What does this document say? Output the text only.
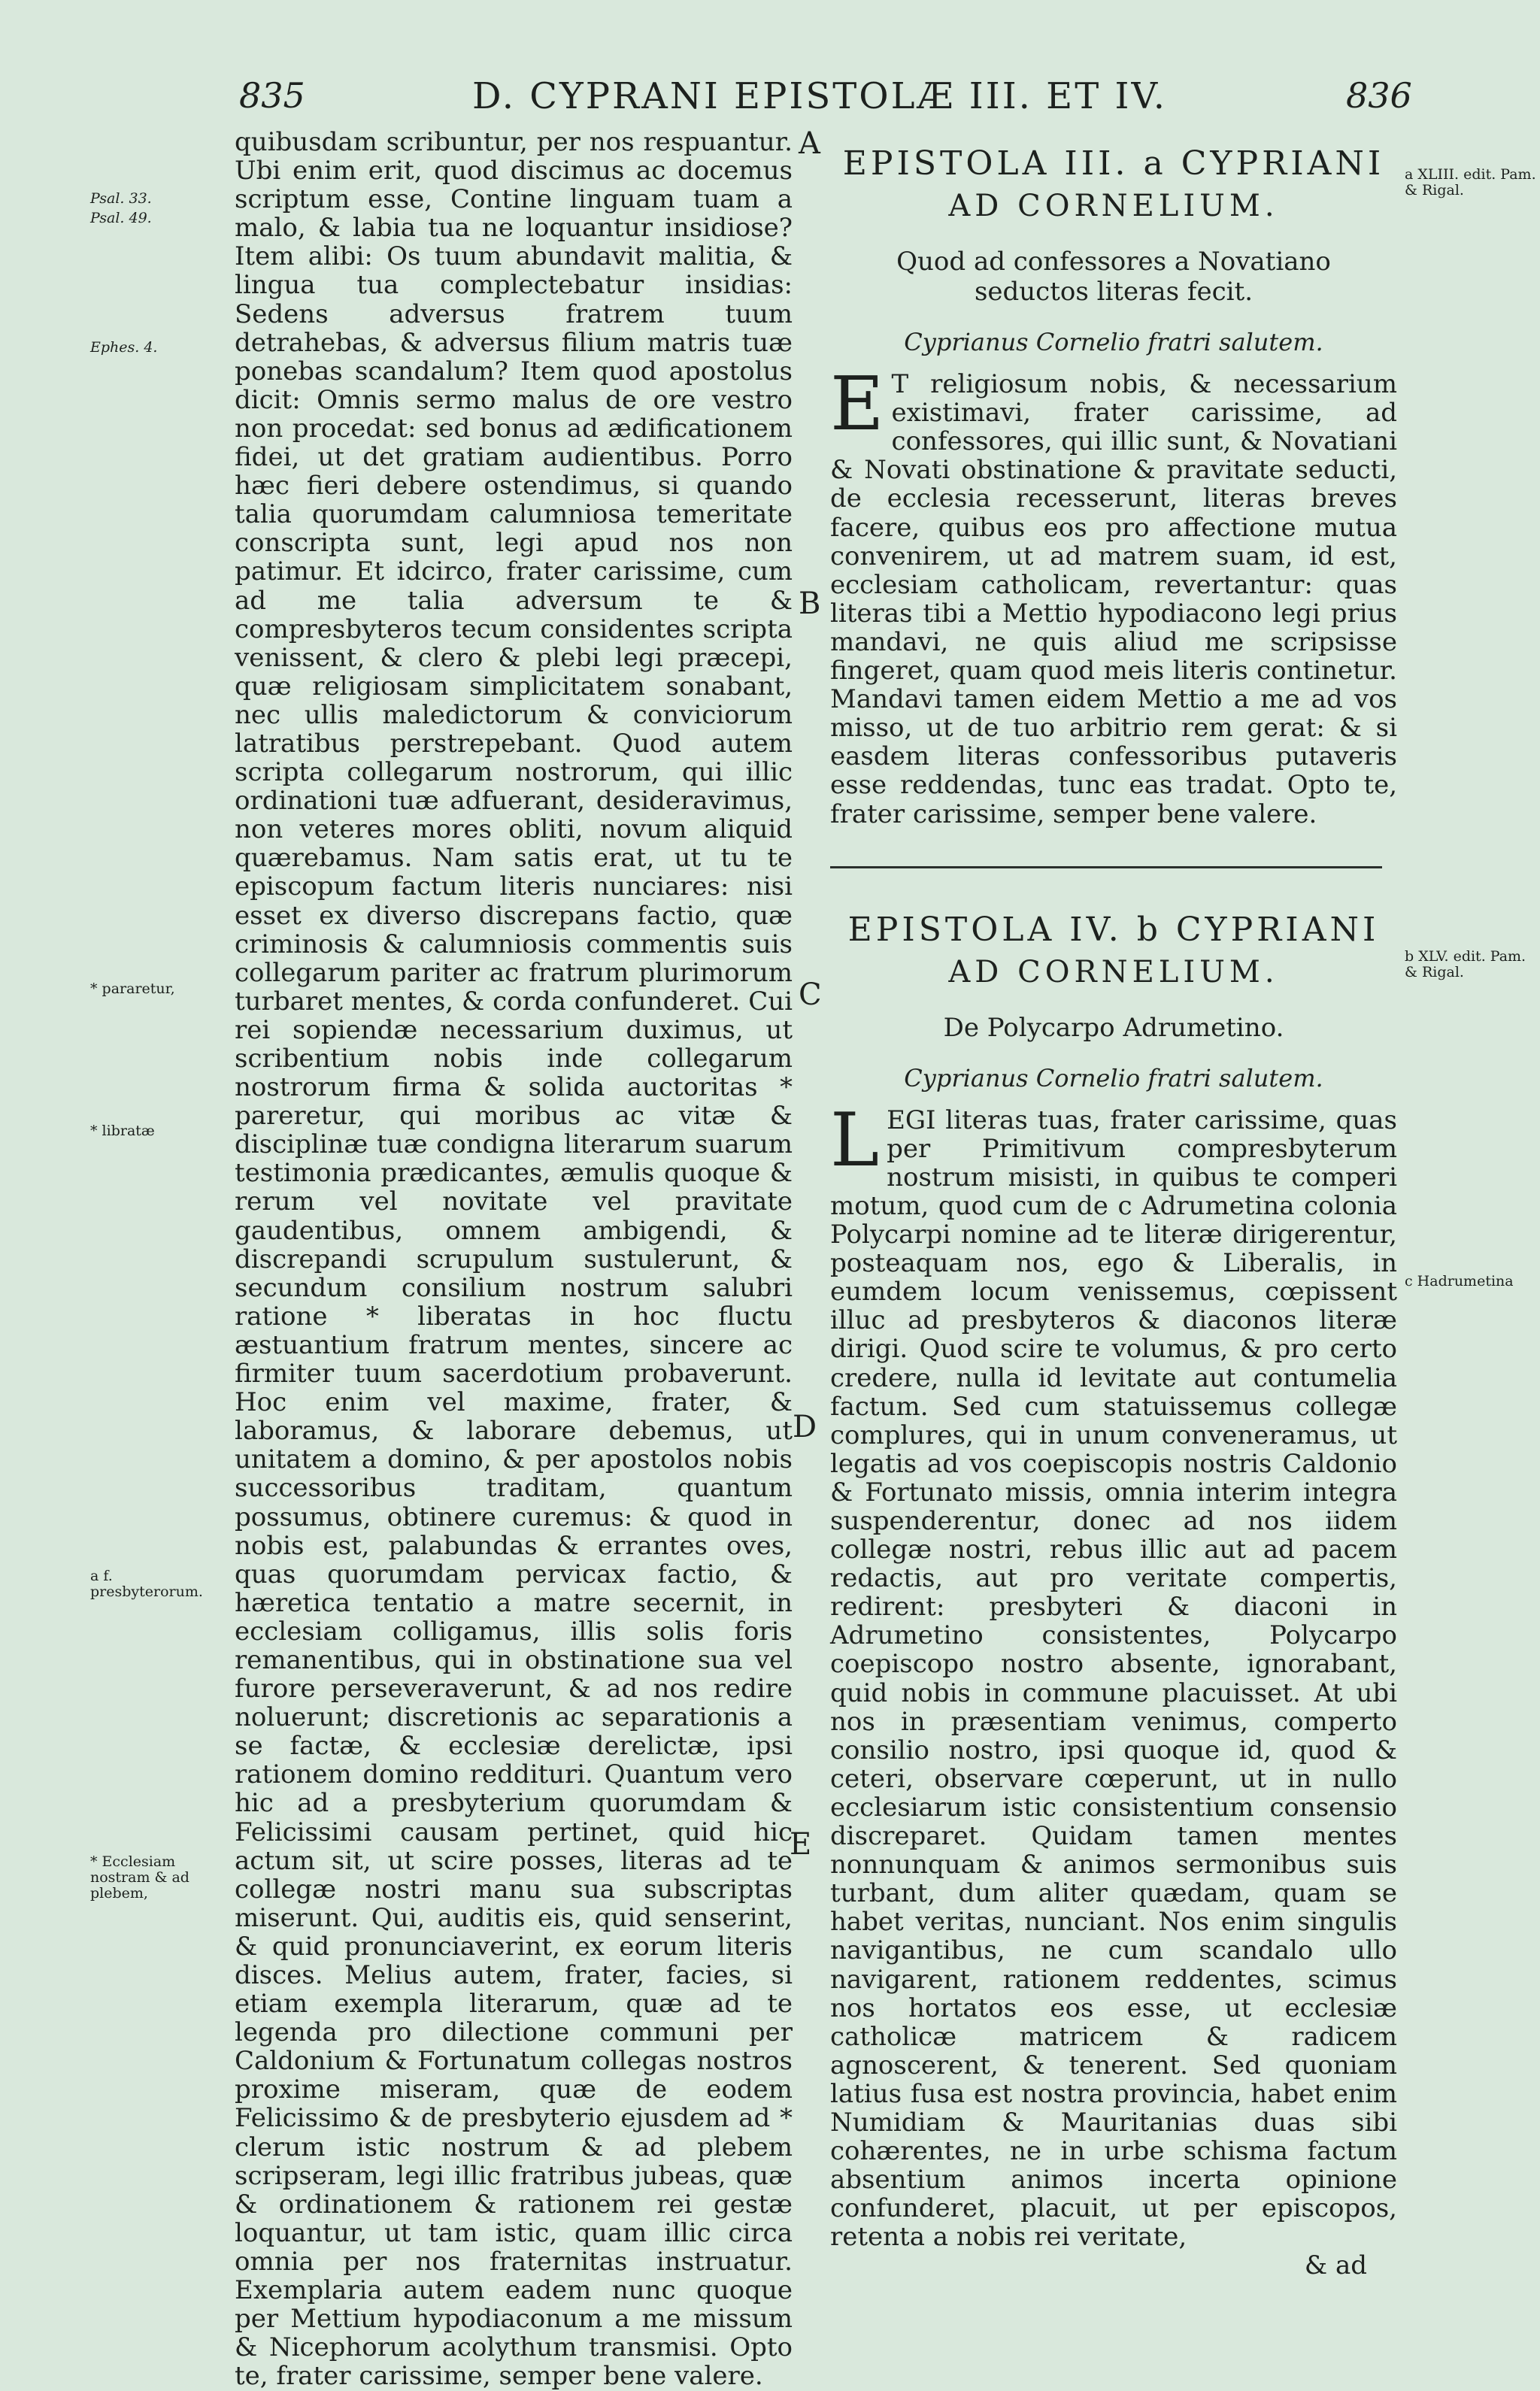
835	D. CYPRANI EPISTOLÆ III. ET IV.	836
Psal. 33.
Psal. 49.
Ephes. 4.
* pararetur,
* libratæ
a f. presbyterorum.
* Ecclesiam nostram & ad plebem,
a XLIII. edit. Pam. & Rigal.
b XLV. edit. Pam. & Rigal.
c Hadrumetina
A
B
C
D
E

quibusdam scribuntur, per nos respuantur. Ubi enim erit, quod discimus ac docemus scriptum esse, Contine linguam tuam a malo, & labia tua ne loquantur insidiose? Item alibi: Os tuum abundavit malitia, & lingua tua complectebatur insidias: Sedens adversus fratrem tuum detrahebas, & adversus filium matris tuæ ponebas scandalum? Item quod apostolus dicit: Omnis sermo malus de ore vestro non procedat: sed bonus ad ædificationem fidei, ut det gratiam audientibus. Porro hæc fieri debere ostendimus, si quando talia quorumdam calumniosa temeritate conscripta sunt, legi apud nos non patimur. Et idcirco, frater carissime, cum ad me talia adversum te & compresbyteros tecum considentes scripta venissent, & clero & plebi legi præcepi, quæ religiosam simplicitatem sonabant, nec ullis maledictorum & conviciorum latratibus perstrepebant. Quod autem scripta collegarum nostrorum, qui illic ordinationi tuæ adfuerant, desideravimus, non veteres mores obliti, novum aliquid quærebamus. Nam satis erat, ut tu te episcopum factum literis nunciares: nisi esset ex diverso discrepans factio, quæ criminosis & calumniosis commentis suis collegarum pariter ac fratrum plurimorum turbaret mentes, & corda confunderet. Cui rei sopiendæ necessarium duximus, ut scribentium nobis inde collegarum nostrorum firma & solida auctoritas * pareretur, qui moribus ac vitæ & disciplinæ tuæ condigna literarum suarum testimonia prædicantes, æmulis quoque & rerum vel novitate vel pravitate gaudentibus, omnem ambigendi, & discrepandi scrupulum sustulerunt, & secundum consilium nostrum salubri ratione * liberatas in hoc fluctu æstuantium fratrum mentes, sincere ac firmiter tuum sacerdotium probaverunt. Hoc enim vel maxime, frater, & laboramus, & laborare debemus, ut unitatem a domino, & per apostolos nobis successoribus traditam, quantum possumus, obtinere curemus: & quod in nobis est, palabundas & errantes oves, quas quorumdam pervicax factio, & hæretica tentatio a matre secernit, in ecclesiam colligamus, illis solis foris remanentibus, qui in obstinatione sua vel furore perseveraverunt, & ad nos redire noluerunt; discretionis ac separationis a se factæ, & ecclesiæ derelictæ, ipsi rationem domino reddituri. Quantum vero hic ad a presbyterium quorumdam & Felicissimi causam pertinet, quid hic actum sit, ut scire posses, literas ad te collegæ nostri manu sua subscriptas miserunt. Qui, auditis eis, quid senserint, & quid pronunciaverint, ex eorum literis disces. Melius autem, frater, facies, si etiam exempla literarum, quæ ad te legenda pro dilectione communi per Caldonium & Fortunatum collegas nostros proxime miseram, quæ de eodem Felicissimo & de presbyterio ejusdem ad * clerum istic nostrum & ad plebem scripseram, legi illic fratribus jubeas, quæ & ordinationem & rationem rei gestæ loquantur, ut tam istic, quam illic circa omnia per nos fraternitas instruatur. Exemplaria autem eadem nunc quoque per Mettium hypodiaconum a me missum & Nicephorum acolythum transmisi. Opto te, frater carissime, semper bene valere.

EPISTOLA III. a CYPRIANI
AD CORNELIUM.
Quod ad confessores a Novatiano seductos literas fecit.
Cyprianus Cornelio fratri salutem.

ET religiosum nobis, & necessarium existimavi, frater carissime, ad confessores, qui illic sunt, & Novatiani & Novati obstinatione & pravitate seducti, de ecclesia recesserunt, literas breves facere, quibus eos pro affectione mutua convenirem, ut ad matrem suam, id est, ecclesiam catholicam, revertantur: quas literas tibi a Mettio hypodiacono legi prius mandavi, ne quis aliud me scripsisse fingeret, quam quod meis literis continetur. Mandavi tamen eidem Mettio a me ad vos misso, ut de tuo arbitrio rem gerat: & si easdem literas confessoribus putaveris esse reddendas, tunc eas tradat. Opto te, frater carissime, semper bene valere.

EPISTOLA IV. b CYPRIANI
AD CORNELIUM.
De Polycarpo Adrumetino.
Cyprianus Cornelio fratri salutem.

LEGI literas tuas, frater carissime, quas per Primitivum compresbyterum nostrum misisti, in quibus te comperi motum, quod cum de c Adrumetina colonia Polycarpi nomine ad te literæ dirigerentur, posteaquam nos, ego & Liberalis, in eumdem locum venissemus, cœpissent illuc ad presbyteros & diaconos literæ dirigi. Quod scire te volumus, & pro certo credere, nulla id levitate aut contumelia factum. Sed cum statuissemus collegæ complures, qui in unum conveneramus, ut legatis ad vos coepiscopis nostris Caldonio & Fortunato missis, omnia interim integra suspenderentur, donec ad nos iidem collegæ nostri, rebus illic aut ad pacem redactis, aut pro veritate compertis, redirent: presbyteri & diaconi in Adrumetino consistentes, Polycarpo coepiscopo nostro absente, ignorabant, quid nobis in commune placuisset. At ubi nos in præsentiam venimus, comperto consilio nostro, ipsi quoque id, quod & ceteri, observare cœperunt, ut in nullo ecclesiarum istic consistentium consensio discreparet. Quidam tamen mentes nonnunquam & animos sermonibus suis turbant, dum aliter quædam, quam se habet veritas, nunciant. Nos enim singulis navigantibus, ne cum scandalo ullo navigarent, rationem reddentes, scimus nos hortatos eos esse, ut ecclesiæ catholicæ matricem & radicem agnoscerent, & tenerent. Sed quoniam latius fusa est nostra provincia, habet enim Numidiam & Mauritanias duas sibi cohærentes, ne in urbe schisma factum absentium animos incerta opinione confunderet, placuit, ut per episcopos, retenta a nobis rei veritate,

& ad
